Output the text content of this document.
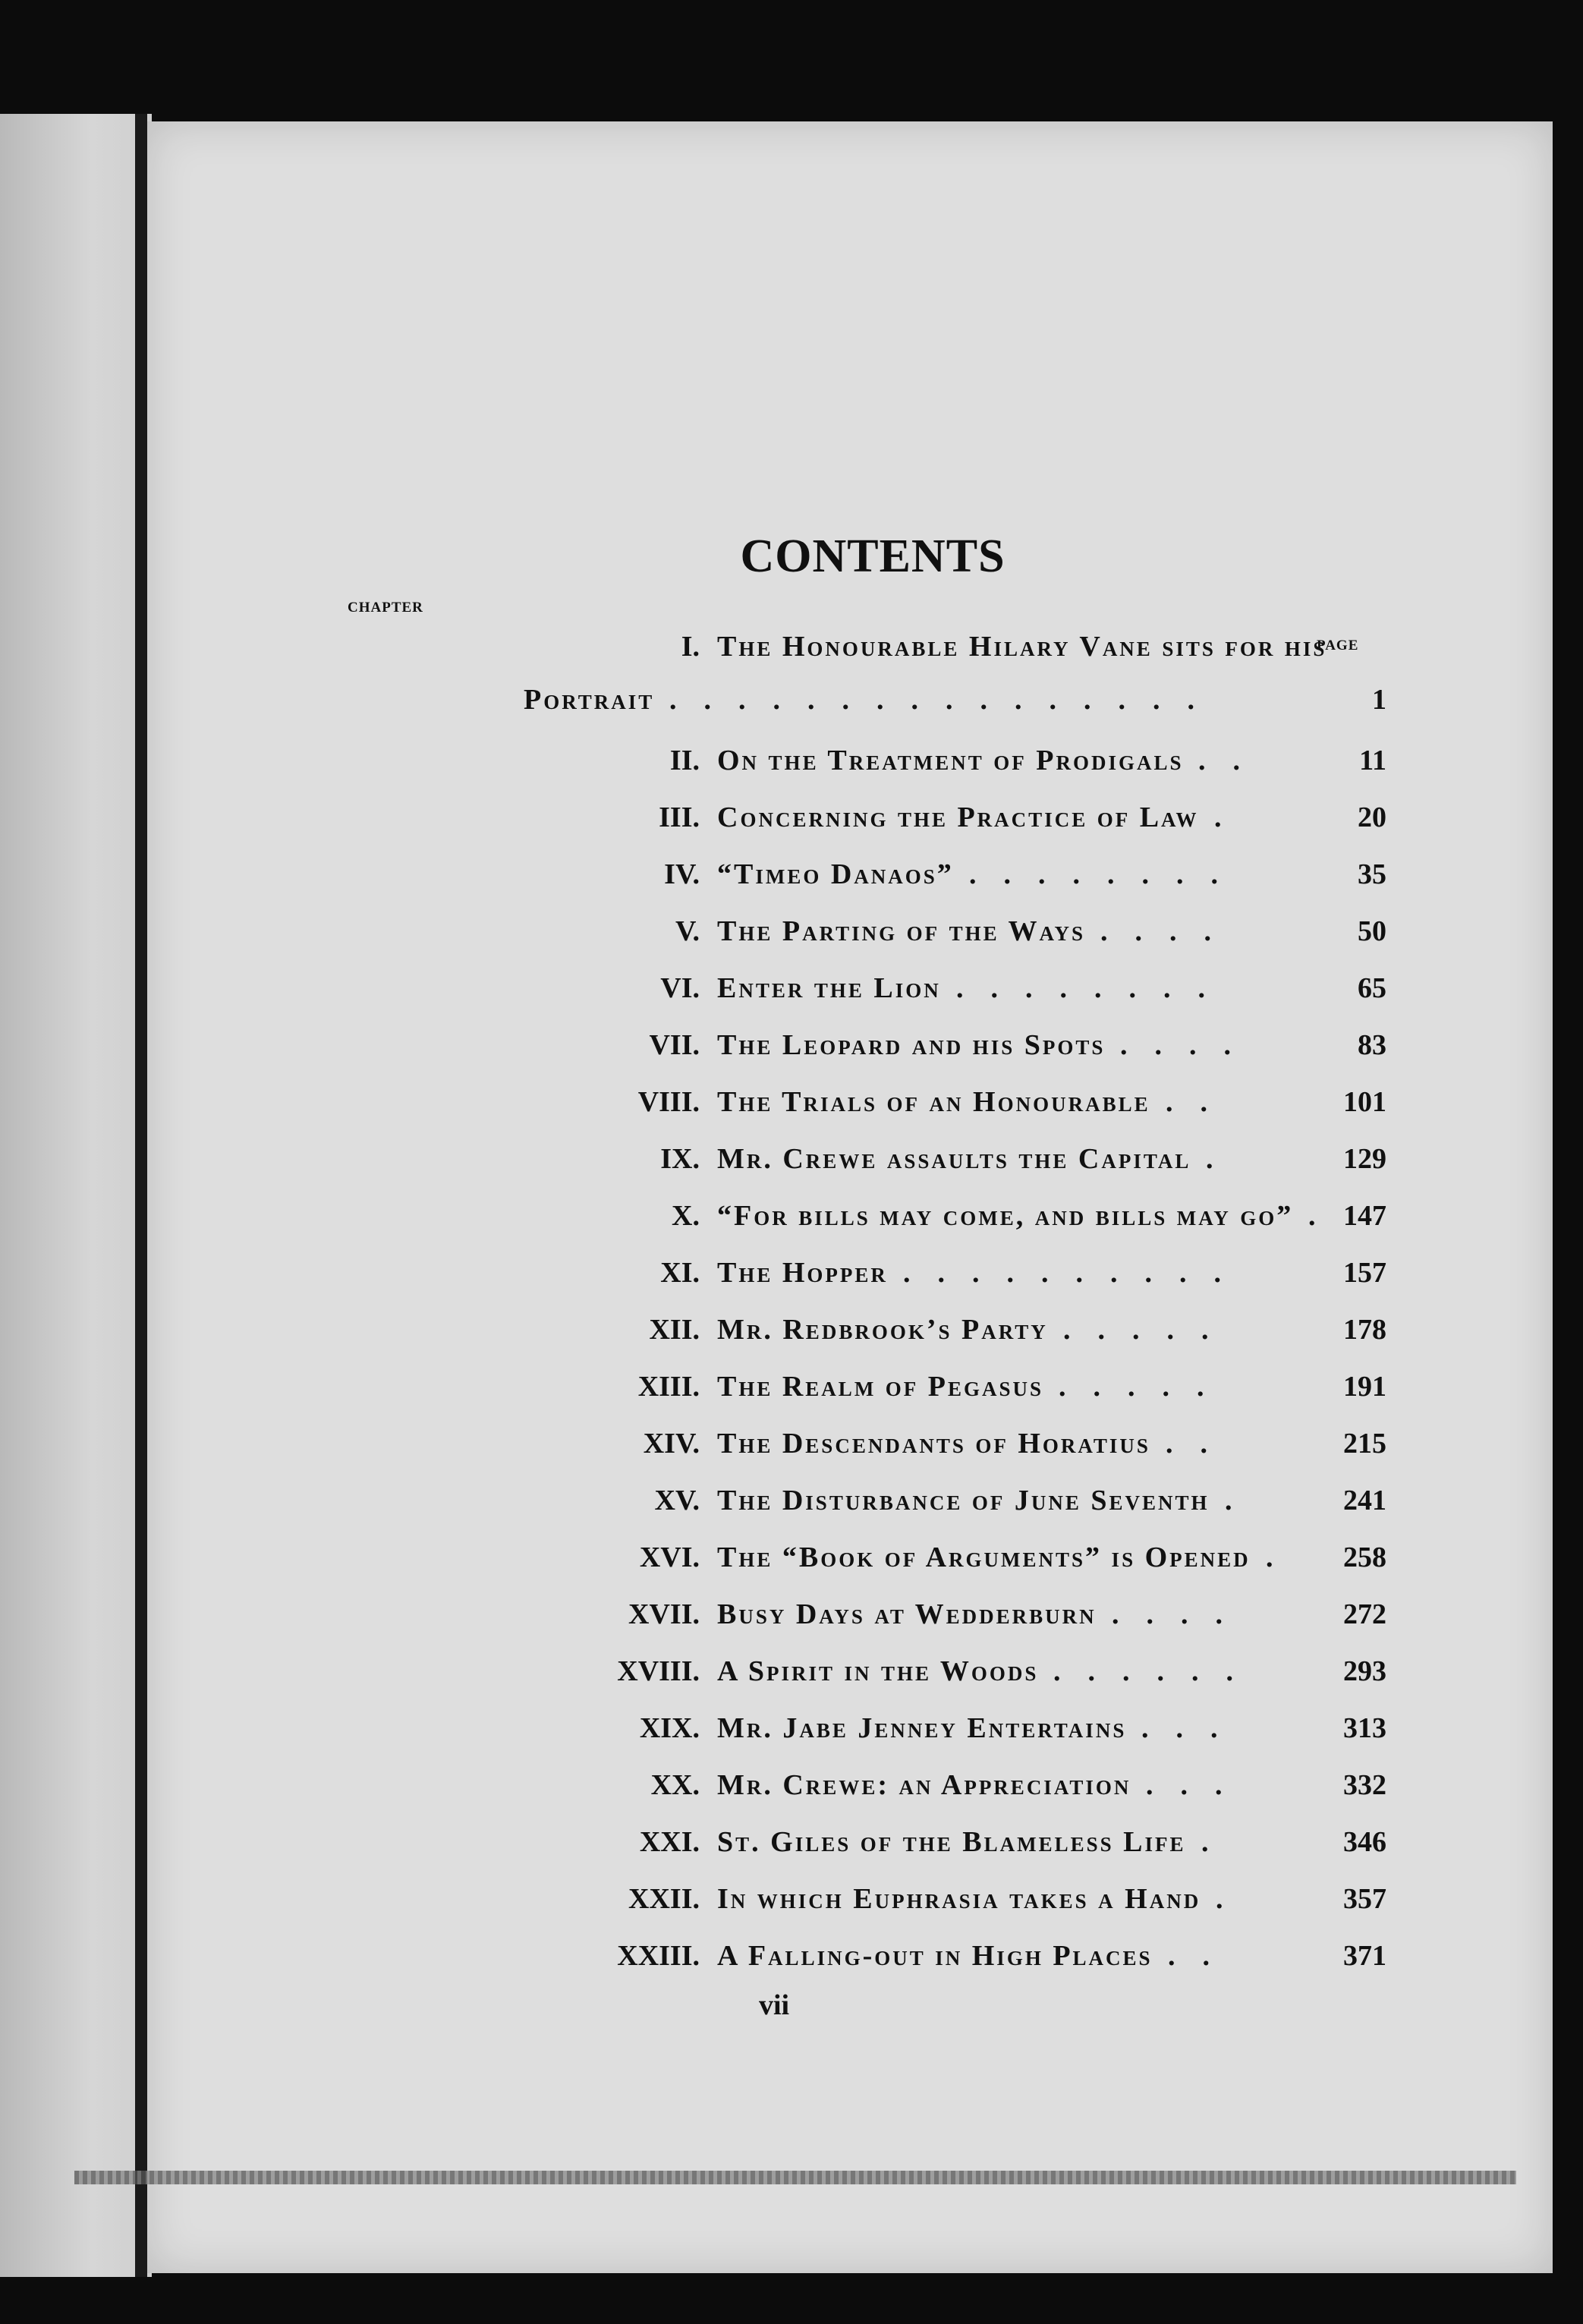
CONTENTS
CHAPTER
PAGE
I. The Honourable Hilary Vane sits for his
Portrait ................	1
II. On the Treatment of Prodigals ..	11
III. Concerning the Practice of Law .	20
IV. “Timeo Danaos” ........	35
V. The Parting of the Ways ....	50
VI. Enter the Lion ........	65
VII. The Leopard and his Spots ....	83
VIII. The Trials of an Honourable ..	101
IX. Mr. Crewe assaults the Capital .	129
X. “For bills may come, and bills may go” . 147
XI. The Hopper ..........	157
XII. Mr. Redbrook’s Party .....	178
XIII. The Realm of Pegasus .....	191
XIV. The Descendants of Horatius ..	215
XV. The Disturbance of June Seventh .	241
XVI. The “Book of Arguments” is Opened .	258
XVII. Busy Days at Wedderburn ....	272
XVIII. A Spirit in the Woods ......	293
XIX. Mr. Jabe Jenney Entertains ...	313
XX. Mr. Crewe: an Appreciation ...	332
XXI. St. Giles of the Blameless Life .	346
XXII. In which Euphrasia takes a Hand .	357
XXIII. A Falling-out in High Places ..	371
vii
